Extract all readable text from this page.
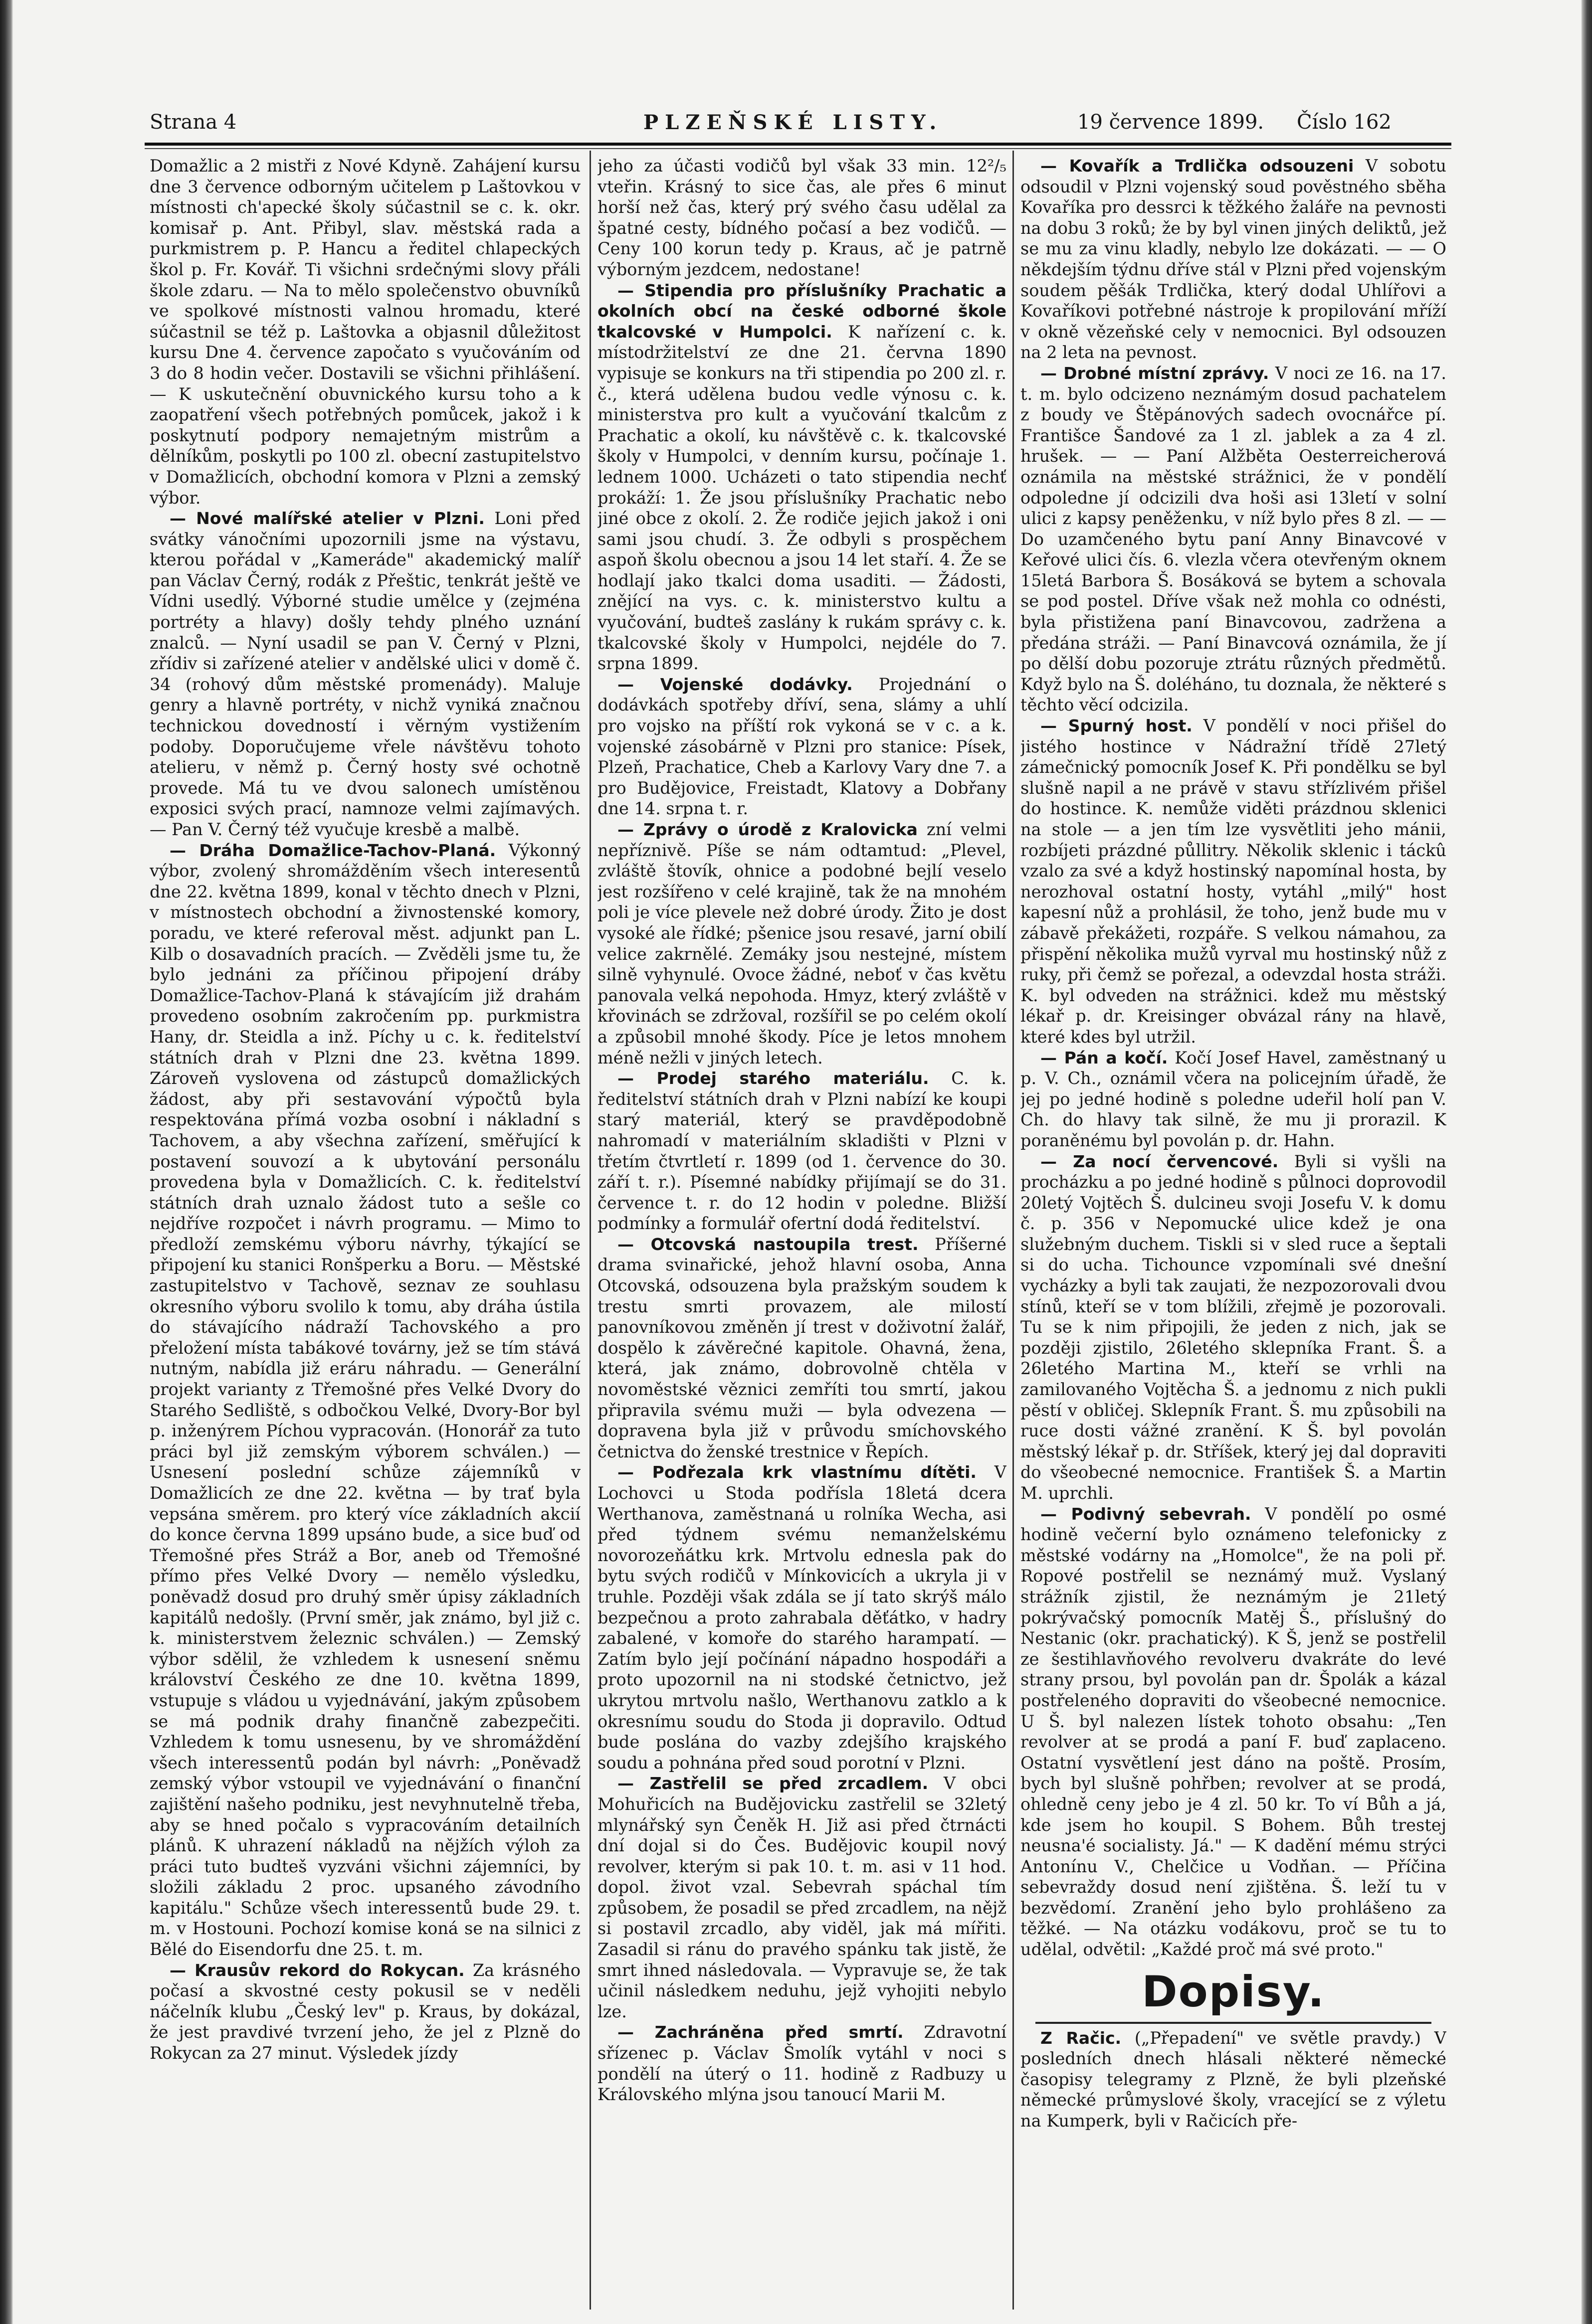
Strana 4	PLZEŇSKÉ LISTY.	19 července 1899. Číslo 162

Domažlic a 2 mistři z Nové Kdyně. Zahájení kursu dne 3 července odborným učitelem p Laštovkou v místnosti ch'apecké školy súčastnil se c. k. okr. komisař p. Ant. Přibyl, slav. městská rada a purkmistrem p. P. Hancu a ředitel chlapeckých škol p. Fr. Kovář. Ti všichni srdečnými slovy přáli škole zdaru. — Na to mělo společenstvo obuvníků ve spolkové místnosti valnou hromadu, které súčastnil se též p. Laštovka a objasnil důležitost kursu Dne 4. července započato s vyučováním od 3 do 8 hodin večer. Dostavili se všichni přihlášení. — K uskutečnění obuvnického kursu toho a k zaopatření všech potřebných pomůcek, jakož i k poskytnutí podpory nemajetným mistrům a dělníkům, poskytli po 100 zl. obecní zastupitelstvo v Domažlicích, obchodní komora v Plzni a zemský výbor.

— Nové malířské atelier v Plzni. Loni před svátky vánočními upozornili jsme na výstavu, kterou pořádal v „Kameráde" akademický malíř pan Václav Černý, rodák z Přeštic, tenkrát ještě ve Vídni usedlý. Výborné studie umělce y (zejména portréty a hlavy) došly tehdy plného uznání znalců. — Nyní usadil se pan V. Černý v Plzni, zřídiv si zařízené atelier v andělské ulici v domě č. 34 (rohový dům městské promenády). Maluje genry a hlavně portréty, v nichž vyniká značnou technickou dovedností i věrným vystižením podoby. Doporučujeme vřele návštěvu tohoto atelieru, v němž p. Černý hosty své ochotně provede. Má tu ve dvou salonech umístěnou exposici svých prací, namnoze velmi zajímavých. — Pan V. Černý též vyučuje kresbě a malbě.

— Dráha Domažlice-Tachov-Planá. Výkonný výbor, zvolený shromážděním všech interesentů dne 22. května 1899, konal v těchto dnech v Plzni, v místnostech obchodní a živnostenské komory, poradu, ve které referoval měst. adjunkt pan L. Kilb o dosavadních pracích. — Zvěděli jsme tu, že bylo jednáni za příčinou připojení dráby Domažlice-Tachov-Planá k stávajícím již drahám provedeno osobním zakročením pp. purkmistra Hany, dr. Steidla a inž. Píchy u c. k. ředitelství státních drah v Plzni dne 23. května 1899. Zároveň vyslovena od zástupců domažlických žádost, aby při sestavování výpočtů byla respektována přímá vozba osobní i nákladní s Tachovem, a aby všechna zařízení, směřující k postavení souvozí a k ubytování personálu provedena byla v Domažlicích. C. k. ředitelství státních drah uznalo žádost tuto a sešle co nejdříve rozpočet i návrh programu. — Mimo to předloží zemskému výboru návrhy, týkající se připojení ku stanici Ronšperku a Boru. — Městské zastupitelstvo v Tachově, seznav ze souhlasu okresního výboru svolilo k tomu, aby dráha ústila do stávajícího nádraží Tachovského a pro přeložení místa tabákové továrny, jež se tím stává nutným, nabídla již eráru náhradu. — Generální projekt varianty z Třemošné přes Velké Dvory do Starého Sedliště, s odbočkou Velké, Dvory-Bor byl p. inženýrem Píchou vypracován. (Honorář za tuto práci byl již zemským výborem schválen.) — Usnesení poslední schůze zájemníků v Domažlicích ze dne 22. května — by trať byla vepsána směrem. pro který více základních akcií do konce června 1899 upsáno bude, a sice buď od Třemošné přes Stráž a Bor, aneb od Třemošné přímo přes Velké Dvory — nemělo výsledku, poněvadž dosud pro druhý směr úpisy základních kapitálů nedošly. (První směr, jak známo, byl již c. k. ministerstvem železnic schválen.) — Zemský výbor sdělil, že vzhledem k usnesení sněmu království Českého ze dne 10. května 1899, vstupuje s vládou u vyjednávání, jakým způsobem se má podnik drahy finančně zabezpečiti. Vzhledem k tomu usnesenu, by ve shromáždění všech interessentů podán byl návrh: „Poněvadž zemský výbor vstoupil ve vyjednávání o finanční zajištění našeho podniku, jest nevyhnutelně třeba, aby se hned počalo s vypracováním detailních plánů. K uhrazení nákladů na nějžích výloh za práci tuto budteš vyzváni všichni zájemníci, by složili základu 2 proc. upsaného závodního kapitálu." Schůze všech interessentů bude 29. t. m. v Hostouni. Pochozí komise koná se na silnici z Bělé do Eisendorfu dne 25. t. m.

— Krausův rekord do Rokycan. Za krásného počasí a skvostné cesty pokusil se v neděli náčelník klubu „Český lev" p. Kraus, by dokázal, že jest pravdivé tvrzení jeho, že jel z Plzně do Rokycan za 27 minut. Výsledek jízdy

jeho za účasti vodičů byl však 33 min. 12²/₅ vteřin. Krásný to sice čas, ale přes 6 minut horší než čas, který prý svého času udělal za špatné cesty, bídného počasí a bez vodičů. — Ceny 100 korun tedy p. Kraus, ač je patrně výborným jezdcem, nedostane!

— Stipendia pro příslušníky Prachatic a okolních obcí na české odborné škole tkalcovské v Humpolci. K nařízení c. k. místodržitelství ze dne 21. června 1890 vypisuje se konkurs na tři stipendia po 200 zl. r. č., která udělena budou vedle výnosu c. k. ministerstva pro kult a vyučování tkalcům z Prachatic a okolí, ku návštěvě c. k. tkalcovské školy v Humpolci, v denním kursu, počínaje 1. lednem 1000. Ucházeti o tato stipendia nechť prokáží: 1. Že jsou příslušníky Prachatic nebo jiné obce z okolí. 2. Že rodiče jejich jakož i oni sami jsou chudí. 3. Že odbyli s prospěchem aspoň školu obecnou a jsou 14 let staří. 4. Že se hodlají jako tkalci doma usaditi. — Žádosti, znějící na vys. c. k. ministerstvo kultu a vyučování, budteš zaslány k rukám správy c. k. tkalcovské školy v Humpolci, nejdéle do 7. srpna 1899.

— Vojenské dodávky. Projednání o dodávkách spotřeby dříví, sena, slámy a uhlí pro vojsko na příští rok vykoná se v c. a k. vojenské zásobárně v Plzni pro stanice: Písek, Plzeň, Prachatice, Cheb a Karlovy Vary dne 7. a pro Budějovice, Freistadt, Klatovy a Dobřany dne 14. srpna t. r.

— Zprávy o úrodě z Kralovicka zní velmi nepříznivě. Píše se nám odtamtud: „Plevel, zvláště štovík, ohnice a podobné bejlí veselo jest rozšířeno v celé krajině, tak že na mnohém poli je více plevele než dobré úrody. Žito je dost vysoké ale řídké; pšenice jsou resavé, jarní obilí velice zakrnělé. Zemáky jsou nestejné, místem silně vyhynulé. Ovoce žádné, neboť v čas květu panovala velká nepohoda. Hmyz, který zvláště v křovinách se zdržoval, rozšířil se po celém okolí a způsobil mnohé škody. Píce je letos mnohem méně nežli v jiných letech.

— Prodej starého materiálu. C. k. ředitelství státních drah v Plzni nabízí ke koupi starý materiál, který se pravděpodobně nahromadí v materiálním skladišti v Plzni v třetím čtvrtletí r. 1899 (od 1. července do 30. září t. r.). Písemné nabídky přijímají se do 31. července t. r. do 12 hodin v poledne. Bližší podmínky a formulář ofertní dodá ředitelství.

— Otcovská nastoupila trest. Příšerné drama svinařické, jehož hlavní osoba, Anna Otcovská, odsouzena byla pražským soudem k trestu smrti provazem, ale milostí panovníkovou změněn jí trest v doživotní žalář, dospělo k závěrečné kapitole. Ohavná, žena, která, jak známo, dobrovolně chtěla v novoměstské věznici zemříti tou smrtí, jakou připravila svému muži — byla odvezena — dopravena byla již v průvodu smíchovského četnictva do ženské trestnice v Řepích.

— Podřezala krk vlastnímu dítěti. V Lochovci u Stoda podřísla 18letá dcera Werthanova, zaměstnaná u rolníka Wecha, asi před týdnem svému nemanželskému novorozeňátku krk. Mrtvolu ednesla pak do bytu svých rodičů v Mínkovicích a ukryla ji v truhle. Později však zdála se jí tato skrýš málo bezpečnou a proto zahrabala děťátko, v hadry zabalené, v komoře do starého harampatí. — Zatím bylo její počínání nápadno hospodáři a proto upozornil na ni stodské četnictvo, jež ukrytou mrtvolu našlo, Werthanovu zatklo a k okresnímu soudu do Stoda ji dopravilo. Odtud bude poslána do vazby zdejšího krajského soudu a pohnána před soud porotní v Plzni.

— Zastřelil se před zrcadlem. V obci Mohuřicích na Budějovicku zastřelil se 32letý mlynářský syn Čeněk H. Již asi před čtrnácti dní dojal si do Čes. Budějovic koupil nový revolver, kterým si pak 10. t. m. asi v 11 hod. dopol. život vzal. Sebevrah spáchal tím způsobem, že posadil se před zrcadlem, na nějž si postavil zrcadlo, aby viděl, jak má mířiti. Zasadil si ránu do pravého spánku tak jistě, že smrt ihned následovala. — Vypravuje se, že tak učinil následkem neduhu, jejž vyhojiti nebylo lze.

— Zachráněna před smrtí. Zdravotní sřízenec p. Václav Šmolík vytáhl v noci s pondělí na úterý o 11. hodině z Radbuzy u Královského mlýna jsou tanoucí Marii M.

— Kovařík a Trdlička odsouzeni V sobotu odsoudil v Plzni vojenský soud pověstného sběha Kovaříka pro dessrci k těžkého žaláře na pevnosti na dobu 3 roků; že by byl vinen jiných deliktů, jež se mu za vinu kladly, nebylo lze dokázati. — — O někdejším týdnu dříve stál v Plzni před vojenským soudem pěšák Trdlička, který dodal Uhlířovi a Kovaříkovi potřebné nástroje k propilování mříží v okně vězeňské cely v nemocnici. Byl odsouzen na 2 leta na pevnost.

— Drobné místní zprávy. V noci ze 16. na 17. t. m. bylo odcizeno neznámým dosud pachatelem z boudy ve Štěpánových sadech ovocnářce pí. Františce Šandové za 1 zl. jablek a za 4 zl. hrušek. — — Paní Alžběta Oesterreicherová oznámila na městské strážnici, že v pondělí odpoledne jí odcizili dva hoši asi 13letí v solní ulici z kapsy peněženku, v níž bylo přes 8 zl. — — Do uzamčeného bytu paní Anny Binavcové v Keřové ulici čís. 6. vlezla včera otevřeným oknem 15letá Barbora Š. Bosáková se bytem a schovala se pod postel. Dříve však než mohla co odnésti, byla přistižena paní Binavcovou, zadržena a předána stráži. — Paní Binavcová oznámila, že jí po dělší dobu pozoruje ztrátu různých předmětů. Když bylo na Š. doléháno, tu doznala, že některé s těchto věcí odcizila.

— Spurný host. V pondělí v noci přišel do jistého hostince v Nádražní třídě 27letý zámečnický pomocník Josef K. Při pondělku se byl slušně napil a ne právě v stavu střízlivém přišel do hostince. K. nemůže viděti prázdnou sklenici na stole — a jen tím lze vysvětliti jeho mánii, rozbíjeti prázdné půllitry. Několik sklenic i táckû vzalo za své a když hostinský napomínal hosta, by nerozhoval ostatní hosty, vytáhl „milý" host kapesní nůž a prohlásil, že toho, jenž bude mu v zábavě překážeti, rozpáře. S velkou námahou, za přispění několika mužů vyrval mu hostinský nůž z ruky, při čemž se pořezal, a odevzdal hosta stráži. K. byl odveden na strážnici. kdež mu městský lékař p. dr. Kreisinger obvázal rány na hlavě, které kdes byl utržil.

— Pán a kočí. Kočí Josef Havel, zaměstnaný u p. V. Ch., oznámil včera na policejním úřadě, že jej po jedné hodině s poledne udeřil holí pan V. Ch. do hlavy tak silně, že mu ji prorazil. K poraněnému byl povolán p. dr. Hahn.

— Za nocí červencové. Byli si vyšli na procházku a po jedné hodině s půlnoci doprovodil 20letý Vojtěch Š. dulcineu svoji Josefu V. k domu č. p. 356 v Nepomucké ulice kdež je ona služebným duchem. Tiskli si v sled ruce a šeptali si do ucha. Tichounce vzpomínali své dnešní vycházky a byli tak zaujati, že nezpozorovali dvou stínů, kteří se v tom blížili, zřejmě je pozorovali. Tu se k nim připojili, že jeden z nich, jak se později zjistilo, 26letého sklepníka Frant. Š. a 26letého Martina M., kteří se vrhli na zamilovaného Vojtěcha Š. a jednomu z nich pukli pěstí v obličej. Sklepník Frant. Š. mu způsobili na ruce dosti vážné zranění. K Š. byl povolán městský lékař p. dr. Stříšek, který jej dal dopraviti do všeobecné nemocnice. František Š. a Martin M. uprchli.

— Podivný sebevrah. V pondělí po osmé hodině večerní bylo oznámeno telefonicky z městské vodárny na „Homolce", že na poli př. Ropové postřelil se neznámý muž. Vyslaný strážník zjistil, že neznámým je 21letý pokrývačský pomocník Matěj Š., příslušný do Nestanic (okr. prachatický). K Š, jenž se postřelil ze šestihlavňového revolveru dvakráte do levé strany prsou, byl povolán pan dr. Špolák a kázal postřeleného dopraviti do všeobecné nemocnice. U Š. byl nalezen lístek tohoto obsahu: „Ten revolver at se prodá a paní F. buď zaplaceno. Ostatní vysvětlení jest dáno na poště. Prosím, bych byl slušně pohřben; revolver at se prodá, ohledně ceny jebo je 4 zl. 50 kr. To ví Bůh a já, kde jsem ho koupil. S Bohem. Bůh trestej neusna'é socialisty. Já." — K dadění mému strýci Antonínu V., Chelčice u Vodňan. — Příčina sebevraždy dosud není zjištěna. Š. leží tu v bezvědomí. Zranění jeho bylo prohlášeno za těžké. — Na otázku vodákovu, proč se tu to udělal, odvětil: „Každé proč má své proto."

Dopisy.

Z Račic. („Přepadení" ve světle pravdy.) V posledních dnech hlásali některé německé časopisy telegramy z Plzně, že byli plzeňské německé průmyslové školy, vracející se z výletu na Kumperk, byli v Račicích pře-
